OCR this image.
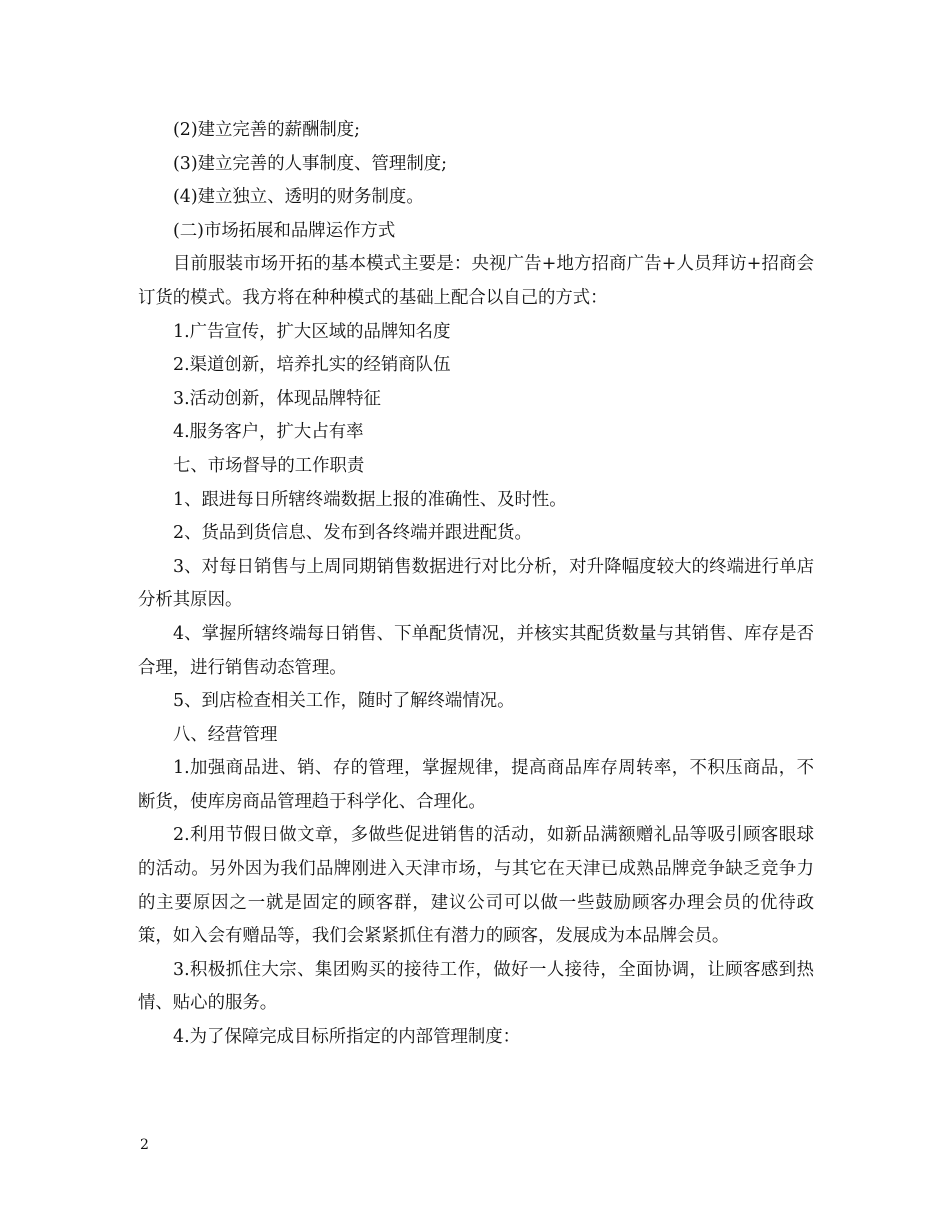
(2)建立完善的薪酬制度;

(3)建立完善的人事制度、管理制度;

(4)建立独立、透明的财务制度。

(二)市场拓展和品牌运作方式

目前服装市场开拓的基本模式主要是：央视广告+地方招商广告+人员拜访+招商会订货的模式。我方将在种种模式的基础上配合以自己的方式：

1.广告宣传，扩大区域的品牌知名度

2.渠道创新，培养扎实的经销商队伍

3.活动创新，体现品牌特征

4.服务客户，扩大占有率

七、市场督导的工作职责

1、跟进每日所辖终端数据上报的准确性、及时性。

2、货品到货信息、发布到各终端并跟进配货。

3、对每日销售与上周同期销售数据进行对比分析，对升降幅度较大的终端进行单店分析其原因。

4、掌握所辖终端每日销售、下单配货情况，并核实其配货数量与其销售、库存是否合理，进行销售动态管理。

5、到店检查相关工作，随时了解终端情况。

八、经营管理

1.加强商品进、销、存的管理，掌握规律，提高商品库存周转率，不积压商品，不断货，使库房商品管理趋于科学化、合理化。

2.利用节假日做文章，多做些促进销售的活动，如新品满额赠礼品等吸引顾客眼球的活动。另外因为我们品牌刚进入天津市场，与其它在天津已成熟品牌竞争缺乏竞争力的主要原因之一就是固定的顾客群，建议公司可以做一些鼓励顾客办理会员的优待政策，如入会有赠品等，我们会紧紧抓住有潜力的顾客，发展成为本品牌会员。

3.积极抓住大宗、集团购买的接待工作，做好一人接待，全面协调，让顾客感到热情、贴心的服务。

4.为了保障完成目标所指定的内部管理制度：

2
